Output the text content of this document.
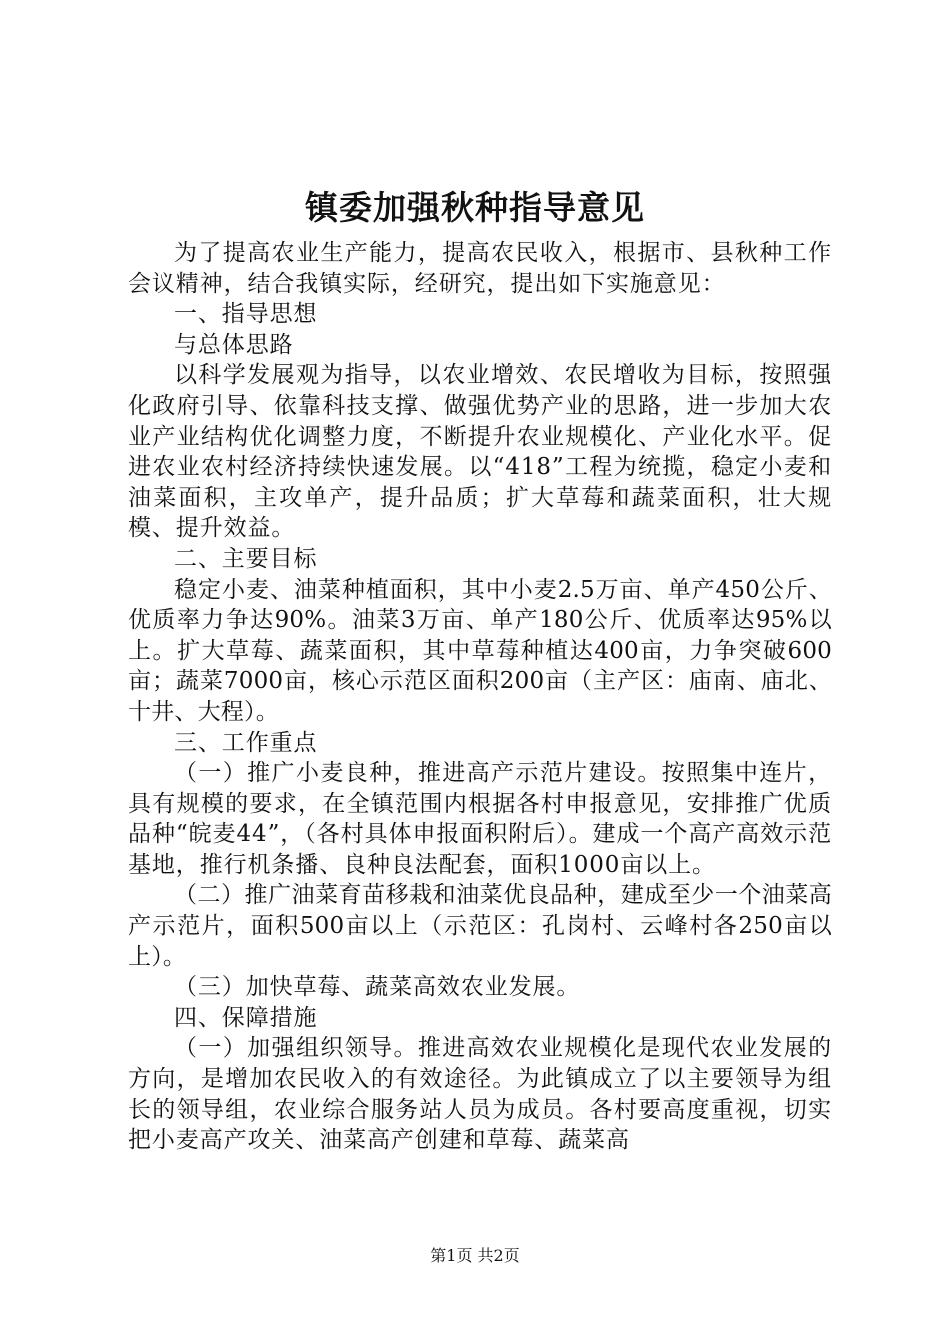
镇委加强秋种指导意见

为了提高农业生产能力，提高农民收入，根据市、县秋种工作会议精神，结合我镇实际，经研究，提出如下实施意见：

一、指导思想

与总体思路

以科学发展观为指导，以农业增效、农民增收为目标，按照强化政府引导、依靠科技支撑、做强优势产业的思路，进一步加大农业产业结构优化调整力度，不断提升农业规模化、产业化水平。促进农业农村经济持续快速发展。以“418”工程为统揽，稳定小麦和油菜面积，主攻单产，提升品质；扩大草莓和蔬菜面积，壮大规模、提升效益。

二、主要目标

稳定小麦、油菜种植面积，其中小麦2.5万亩、单产450公斤、优质率力争达90%。油菜3万亩、单产180公斤、优质率达95%以上。扩大草莓、蔬菜面积，其中草莓种植达400亩，力争突破600亩；蔬菜7000亩，核心示范区面积200亩（主产区：庙南、庙北、十井、大程）。

三、工作重点

（一）推广小麦良种，推进高产示范片建设。按照集中连片，具有规模的要求，在全镇范围内根据各村申报意见，安排推广优质品种“皖麦44”，（各村具体申报面积附后）。建成一个高产高效示范基地，推行机条播、良种良法配套，面积1000亩以上。

（二）推广油菜育苗移栽和油菜优良品种，建成至少一个油菜高产示范片，面积500亩以上（示范区：孔岗村、云峰村各250亩以上）。

（三）加快草莓、蔬菜高效农业发展。

四、保障措施

（一）加强组织领导。推进高效农业规模化是现代农业发展的方向，是增加农民收入的有效途径。为此镇成立了以主要领导为组长的领导组，农业综合服务站人员为成员。各村要高度重视，切实把小麦高产攻关、油菜高产创建和草莓、蔬菜高

第1页 共2页
